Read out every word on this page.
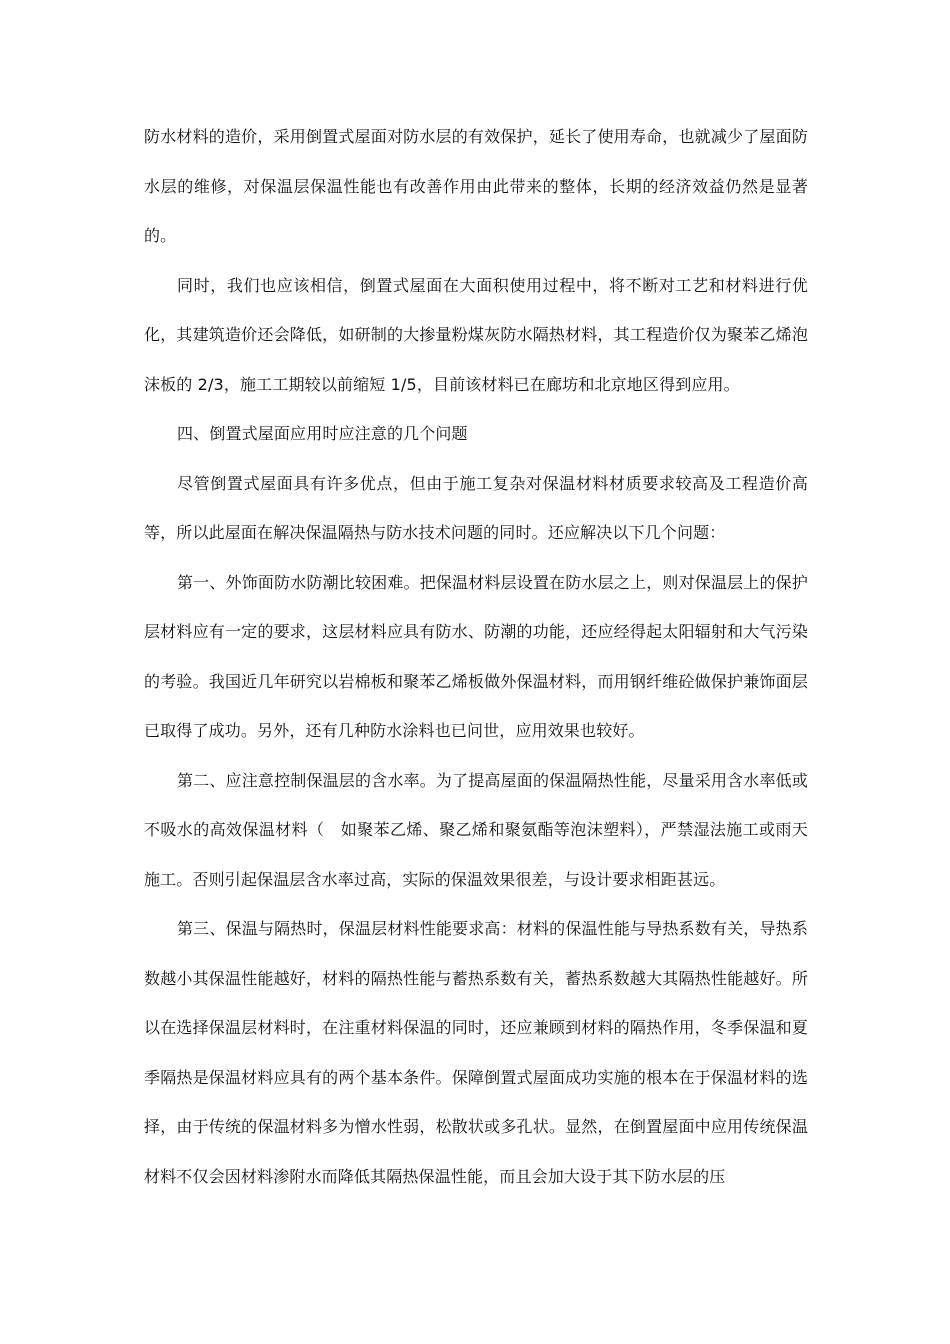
防水材料的造价，采用倒置式屋面对防水层的有效保护，延长了使用寿命，也就减少了屋面防水层的维修，对保温层保温性能也有改善作用由此带来的整体，长期的经济效益仍然是显著的。

同时，我们也应该相信，倒置式屋面在大面积使用过程中，将不断对工艺和材料进行优化，其建筑造价还会降低，如研制的大掺量粉煤灰防水隔热材料，其工程造价仅为聚苯乙烯泡沫板的 2/3，施工工期较以前缩短 1/5，目前该材料已在廊坊和北京地区得到应用。

四、倒置式屋面应用时应注意的几个问题

尽管倒置式屋面具有许多优点，但由于施工复杂对保温材料材质要求较高及工程造价高等，所以此屋面在解决保温隔热与防水技术问题的同时。还应解决以下几个问题：

第一、外饰面防水防潮比较困难。把保温材料层设置在防水层之上，则对保温层上的保护层材料应有一定的要求，这层材料应具有防水、防潮的功能，还应经得起太阳辐射和大气污染的考验。我国近几年研究以岩棉板和聚苯乙烯板做外保温材料，而用钢纤维砼做保护兼饰面层已取得了成功。另外，还有几种防水涂料也已问世，应用效果也较好。

第二、应注意控制保温层的含水率。为了提高屋面的保温隔热性能，尽量采用含水率低或不吸水的高效保温材料（　如聚苯乙烯、聚乙烯和聚氨酯等泡沫塑料），严禁湿法施工或雨天施工。否则引起保温层含水率过高，实际的保温效果很差，与设计要求相距甚远。

第三、保温与隔热时，保温层材料性能要求高：材料的保温性能与导热系数有关，导热系数越小其保温性能越好，材料的隔热性能与蓄热系数有关，蓄热系数越大其隔热性能越好。所以在选择保温层材料时，在注重材料保温的同时，还应兼顾到材料的隔热作用，冬季保温和夏季隔热是保温材料应具有的两个基本条件。保障倒置式屋面成功实施的根本在于保温材料的选择，由于传统的保温材料多为憎水性弱，松散状或多孔状。显然，在倒置屋面中应用传统保温材料不仅会因材料渗附水而降低其隔热保温性能，而且会加大设于其下防水层的压
